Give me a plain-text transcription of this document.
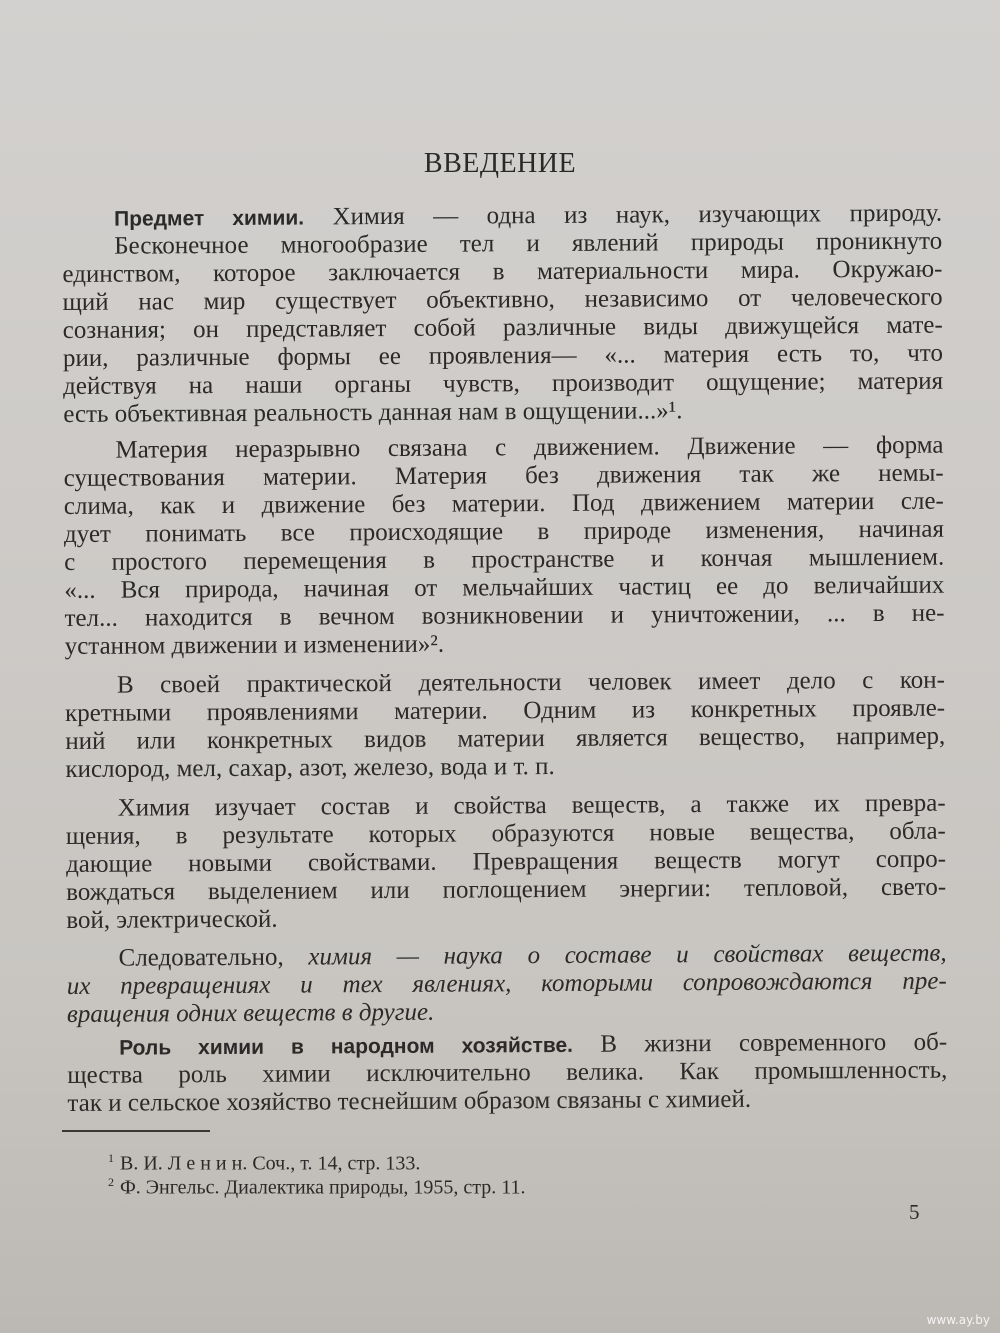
ВВЕДЕНИЕ
Предмет химии. Химия — одна из наук, изучающих природу.
Бесконечное многообразие тел и явлений природы проникнуто
единством, которое заключается в материальности мира. Окружаю-
щий нас мир существует объективно, независимо от человеческого
сознания; он представляет собой различные виды движущейся мате-
рии, различные формы ее проявления— «... материя есть то, что
действуя на наши органы чувств, производит ощущение; материя
есть объективная реальность данная нам в ощущении...»¹.
Материя неразрывно связана с движением. Движение — форма
существования материи. Материя без движения так же немы-
слима, как и движение без материи. Под движением материи сле-
дует понимать все происходящие в природе изменения, начиная
с простого перемещения в пространстве и кончая мышлением.
«... Вся природа, начиная от мельчайших частиц ее до величайших
тел... находится в вечном возникновении и уничтожении, ... в не-
устанном движении и изменении»².
В своей практической деятельности человек имеет дело с кон-
кретными проявлениями материи. Одним из конкретных проявле-
ний или конкретных видов материи является вещество, например,
кислород, мел, сахар, азот, железо, вода и т. п.
Химия изучает состав и свойства веществ, а также их превра-
щения, в результате которых образуются новые вещества, обла-
дающие новыми свойствами. Превращения веществ могут сопро-
вождаться выделением или поглощением энергии: тепловой, свето-
вой, электрической.
Следовательно, химия — наука о составе и свойствах веществ,
их превращениях и тех явлениях, которыми сопровождаются пре-
вращения одних веществ в другие.
Роль химии в народном хозяйстве. В жизни современного об-
щества роль химии исключительно велика. Как промышленность,
так и сельское хозяйство теснейшим образом связаны с химией.
$^1$ В. И. Л е н и н. Соч., т. 14, стр. 133.
$^2$ Ф. Энгельс. Диалектика природы, 1955, стр. 11.
5
www.ay.by
